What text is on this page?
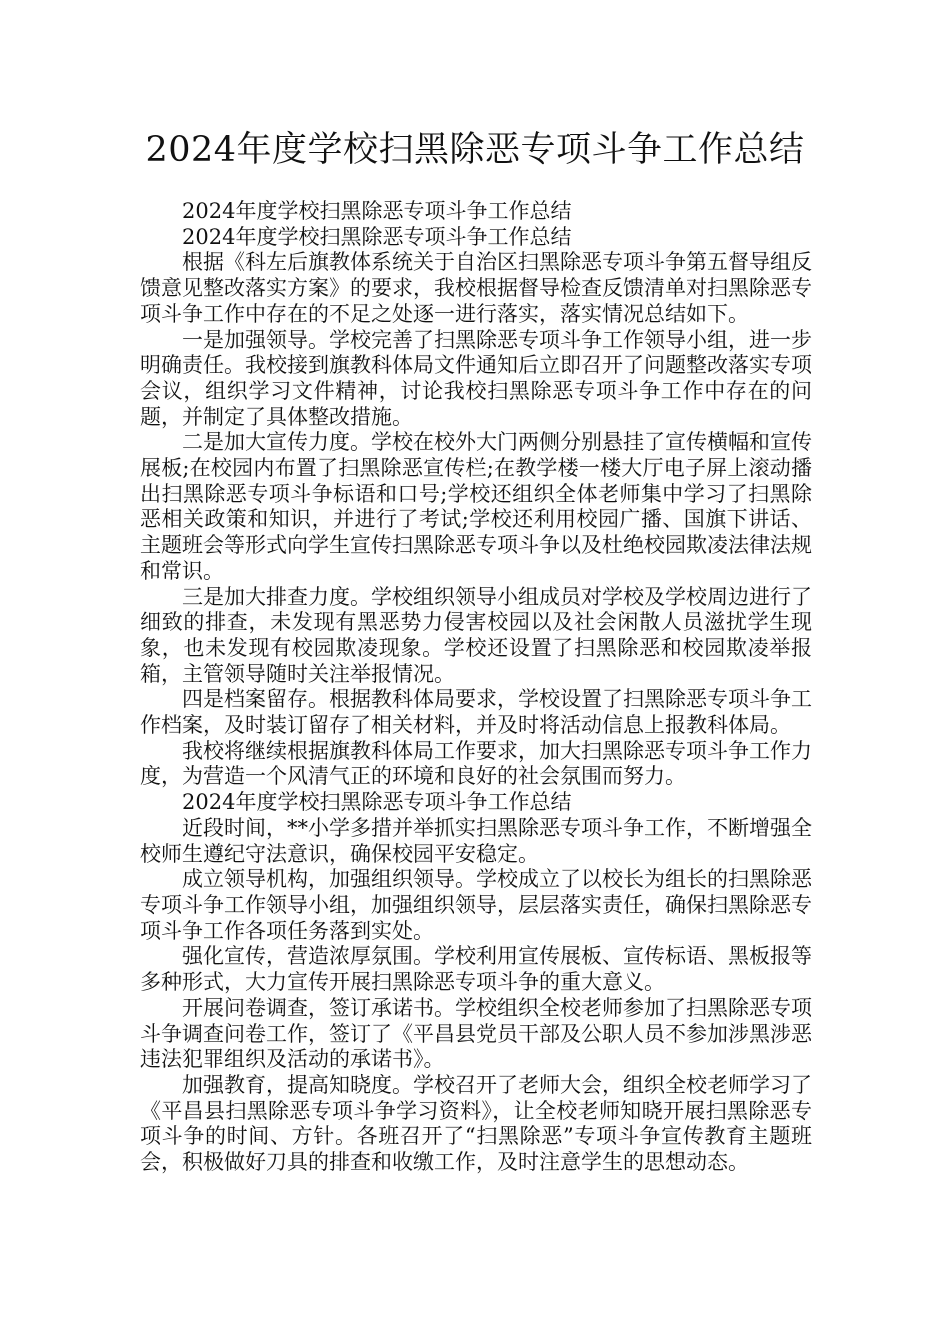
2024年度学校扫黑除恶专项斗争工作总结

2024年度学校扫黑除恶专项斗争工作总结

2024年度学校扫黑除恶专项斗争工作总结

根据《科左后旗教体系统关于自治区扫黑除恶专项斗争第五督导组反馈意见整改落实方案》的要求，我校根据督导检查反馈清单对扫黑除恶专项斗争工作中存在的不足之处逐一进行落实，落实情况总结如下。

一是加强领导。学校完善了扫黑除恶专项斗争工作领导小组，进一步明确责任。我校接到旗教科体局文件通知后立即召开了问题整改落实专项会议，组织学习文件精神，讨论我校扫黑除恶专项斗争工作中存在的问题，并制定了具体整改措施。

二是加大宣传力度。学校在校外大门两侧分别悬挂了宣传横幅和宣传展板;在校园内布置了扫黑除恶宣传栏;在教学楼一楼大厅电子屏上滚动播出扫黑除恶专项斗争标语和口号;学校还组织全体老师集中学习了扫黑除恶相关政策和知识，并进行了考试;学校还利用校园广播、国旗下讲话、主题班会等形式向学生宣传扫黑除恶专项斗争以及杜绝校园欺凌法律法规和常识。

三是加大排查力度。学校组织领导小组成员对学校及学校周边进行了细致的排查，未发现有黑恶势力侵害校园以及社会闲散人员滋扰学生现象，也未发现有校园欺凌现象。学校还设置了扫黑除恶和校园欺凌举报箱，主管领导随时关注举报情况。

四是档案留存。根据教科体局要求，学校设置了扫黑除恶专项斗争工作档案，及时装订留存了相关材料，并及时将活动信息上报教科体局。

我校将继续根据旗教科体局工作要求，加大扫黑除恶专项斗争工作力度，为营造一个风清气正的环境和良好的社会氛围而努力。

2024年度学校扫黑除恶专项斗争工作总结

近段时间，**小学多措并举抓实扫黑除恶专项斗争工作，不断增强全校师生遵纪守法意识，确保校园平安稳定。

成立领导机构，加强组织领导。学校成立了以校长为组长的扫黑除恶专项斗争工作领导小组，加强组织领导，层层落实责任，确保扫黑除恶专项斗争工作各项任务落到实处。

强化宣传，营造浓厚氛围。学校利用宣传展板、宣传标语、黑板报等多种形式，大力宣传开展扫黑除恶专项斗争的重大意义。

开展问卷调查，签订承诺书。学校组织全校老师参加了扫黑除恶专项斗争调查问卷工作，签订了《平昌县党员干部及公职人员不参加涉黑涉恶违法犯罪组织及活动的承诺书》。

加强教育，提高知晓度。学校召开了老师大会，组织全校老师学习了《平昌县扫黑除恶专项斗争学习资料》，让全校老师知晓开展扫黑除恶专项斗争的时间、方针。各班召开了“扫黑除恶”专项斗争宣传教育主题班会，积极做好刀具的排查和收缴工作，及时注意学生的思想动态。
